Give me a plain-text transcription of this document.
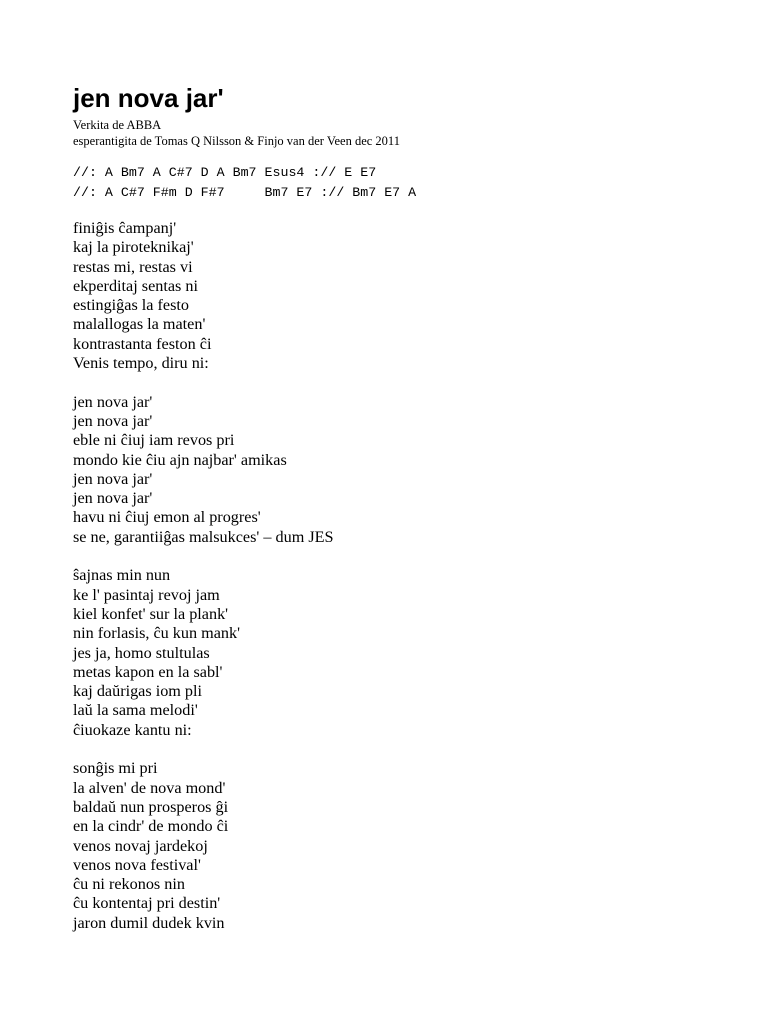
jen nova jar'
Verkita de ABBA
esperantigita de Tomas Q Nilsson & Finjo van der Veen dec 2011
//: A Bm7 A C#7 D A Bm7 Esus4 :// E E7
//: A C#7 F#m D F#7     Bm7 E7 :// Bm7 E7 A
finiĝis ĉampanj'
kaj la piroteknikaj'
restas mi, restas vi
ekperditaj sentas ni
estingiĝas la festo
malallogas la maten'
kontrastanta feston ĉi
Venis tempo, diru ni:
jen nova jar'
jen nova jar'
eble ni ĉiuj iam revos pri
mondo kie ĉiu ajn najbar' amikas
jen nova jar'
jen nova jar'
havu ni ĉiuj emon al progres'
se ne, garantiiĝas malsukces' – dum JES
ŝajnas min nun
ke l' pasintaj revoj jam
kiel konfet' sur la plank'
nin forlasis, ĉu kun mank'
jes ja, homo stultulas
metas kapon en la sabl'
kaj daŭrigas iom pli
laŭ la sama melodi'
ĉiuokaze kantu ni:
sonĝis mi pri
la alven' de nova mond'
baldaŭ nun prosperos ĝi
en la cindr' de mondo ĉi
venos novaj jardekoj
venos nova festival'
ĉu ni rekonos nin
ĉu kontentaj pri destin'
jaron dumil dudek kvin
